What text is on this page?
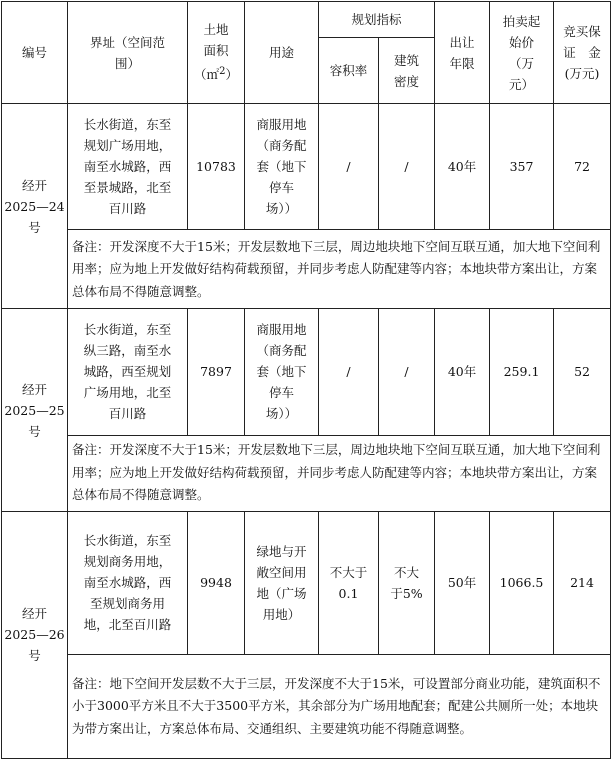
编号	界址（空间范
围）	土地
面积
（㎡$^2$）	用途	规划指标		出让
年限	拍卖起
始价
（万
元）	竞买保
证　金
(万元)
				容积率	建筑
密度			
经开
2025—24
号	长水街道，东至
规划广场用地，
南至水城路，西
至景城路，北至
百川路	10783	商服用地
（商务配
套（地下
停车
场））	/	/	40年	357	72
	备注：开发深度不大于15米；开发层数地下三层，周边地块地下空间互联互通，加大地下空间利用率；应为地上开发做好结构荷载预留，并同步考虑人防配建等内容；本地块带方案出让，方案总体布局不得随意调整。							
经开
2025—25
号	长水街道，东至
纵三路，南至水
城路，西至规划
广场用地，北至
百川路	7897	商服用地
（商务配
套（地下
停车
场））	/	/	40年	259.1	52
	备注：开发深度不大于15米；开发层数地下三层，周边地块地下空间互联互通，加大地下空间利用率；应为地上开发做好结构荷载预留，并同步考虑人防配建等内容；本地块带方案出让，方案总体布局不得随意调整。							
经开
2025—26
号	长水街道，东至
规划商务用地，
南至水城路，西
至规划商务用
地，北至百川路	9948	绿地与开
敞空间用
地（广场
用地）	不大于
0.1	不大
于5%	50年	1066.5	214
	备注：地下空间开发层数不大于三层，开发深度不大于15米，可设置部分商业功能，建筑面积不小于3000平方米且不大于3500平方米，其余部分为广场用地配套；配建公共厕所一处；本地块为带方案出让，方案总体布局、交通组织、主要建筑功能不得随意调整。							
